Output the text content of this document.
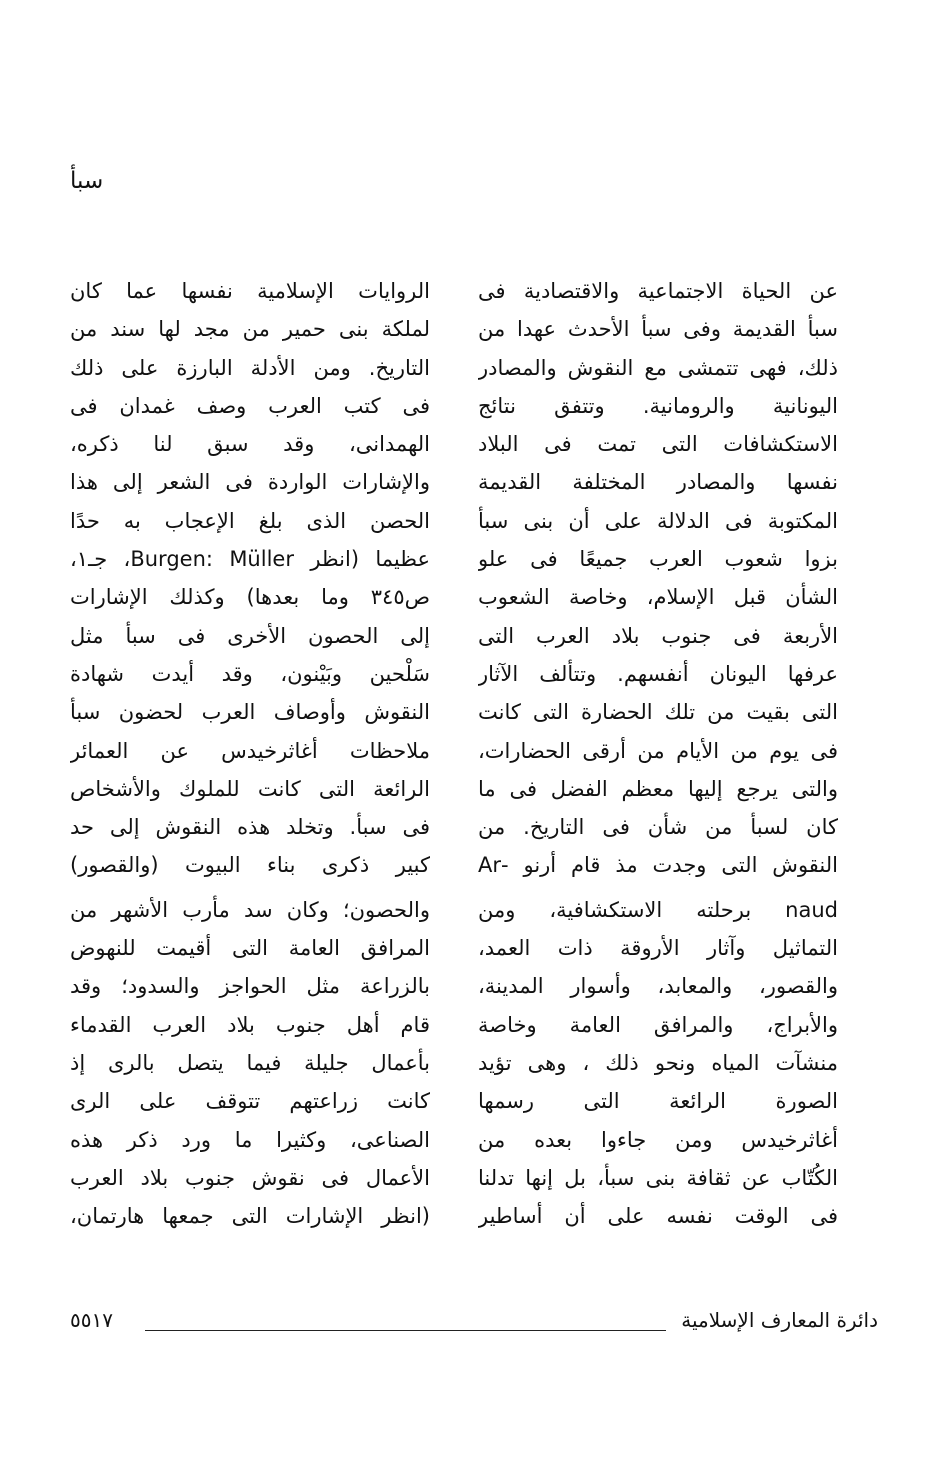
سبأ
عن الحياة الاجتماعية والاقتصادية فى
سبأ القديمة وفى سبأ الأحدث عهدا من
ذلك، فهى تتمشى مع النقوش والمصادر
اليونانية والرومانية. وتتفق نتائج
الاستكشافات التى تمت فى البلاد
نفسها والمصادر المختلفة القديمة
المكتوبة فى الدلالة على أن بنى سبأ
بزوا شعوب العرب جميعًا فى علو
الشأن قبل الإسلام، وخاصة الشعوب
الأربعة فى جنوب بلاد العرب التى
عرفها اليونان أنفسهم. وتتألف الآثار
التى بقيت من تلك الحضارة التى كانت
فى يوم من الأيام من أرقى الحضارات،
والتى يرجع إليها معظم الفضل فى ما
كان لسبأ من شأن فى التاريخ. من
النقوش التى وجدت مذ قام أرنو -Ar
naud برحلته الاستكشافية، ومن
التماثيل وآثار الأروقة ذات العمد،
والقصور، والمعابد، وأسوار المدينة،
والأبراج، والمرافق العامة وخاصة
منشآت المياه ونحو ذلك ، وهى تؤيد
الصورة الرائعة التى رسمها
أغاثرخيدس ومن جاءوا بعده من
الكُتّاب عن ثقافة بنى سبأ، بل إنها تدلنا
فى الوقت نفسه على أن أساطير
الروايات الإسلامية نفسها عما كان
لملكة بنى حمير من مجد لها سند من
التاريخ. ومن الأدلة البارزة على ذلك
فى كتب العرب وصف غمدان فى
الهمدانى، وقد سبق لنا ذكره،
والإشارات الواردة فى الشعر إلى هذا
الحصن الذى بلغ الإعجاب به حدًا
عظيما (انظر Burgen: Müller، جـ١،
ص٣٤٥ وما بعدها) وكذلك الإشارات
إلى الحصون الأخرى فى سبأ مثل
سَلْحين وبَيْنون، وقد أيدت شهادة
النقوش وأوصاف العرب لحضون سبأ
ملاحظات أغاثرخيدس عن العمائر
الرائعة التى كانت للملوك والأشخاص
فى سبأ. وتخلد هذه النقوش إلى حد
كبير ذكرى بناء البيوت (والقصور)
والحصون؛ وكان سد مأرب الأشهر من
المرافق العامة التى أقيمت للنهوض
بالزراعة مثل الحواجز والسدود؛ وقد
قام أهل جنوب بلاد العرب القدماء
بأعمال جليلة فيما يتصل بالرى إذ
كانت زراعتهم تتوقف على الرى
الصناعى، وكثيرا ما ورد ذكر هذه
الأعمال فى نقوش جنوب بلاد العرب
(انظر الإشارات التى جمعها هارتمان،
دائرة المعارف الإسلامية
٥٥١٧
